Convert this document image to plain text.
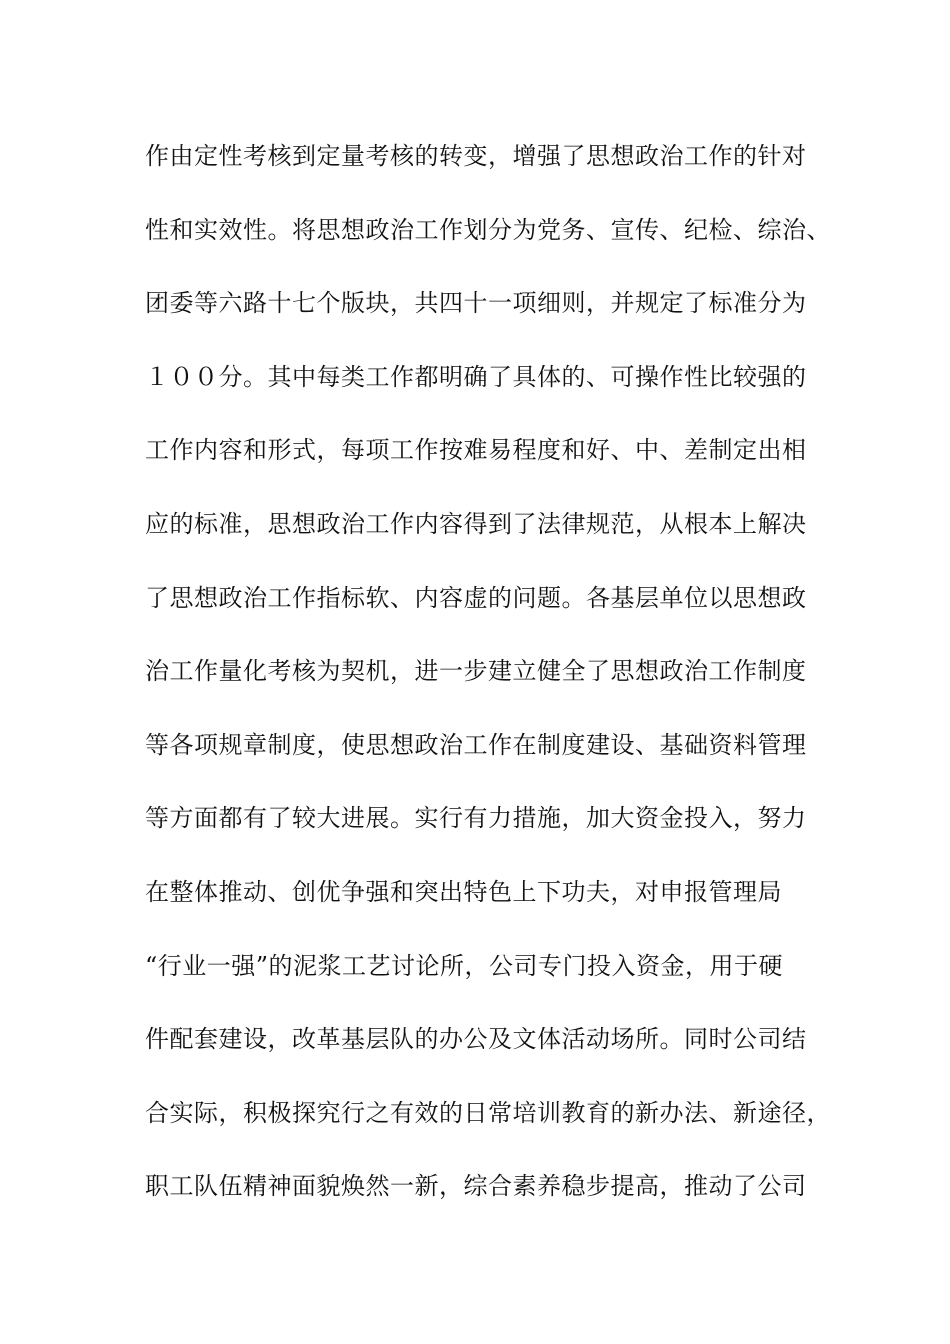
作由定性考核到定量考核的转变，增强了思想政治工作的针对
性和实效性。将思想政治工作划分为党务、宣传、纪检、综治、
团委等六路十七个版块，共四十一项细则，并规定了标准分为
１００分。其中每类工作都明确了具体的、可操作性比较强的
工作内容和形式，每项工作按难易程度和好、中、差制定出相
应的标准，思想政治工作内容得到了法律规范，从根本上解决
了思想政治工作指标软、内容虚的问题。各基层单位以思想政
治工作量化考核为契机，进一步建立健全了思想政治工作制度
等各项规章制度，使思想政治工作在制度建设、基础资料管理
等方面都有了较大进展。实行有力措施，加大资金投入，努力
在整体推动、创优争强和突出特色上下功夫，对申报管理局
“行业一强”的泥浆工艺讨论所，公司专门投入资金，用于硬
件配套建设，改革基层队的办公及文体活动场所。同时公司结
合实际，积极探究行之有效的日常培训教育的新办法、新途径，
职工队伍精神面貌焕然一新，综合素养稳步提高，推动了公司
